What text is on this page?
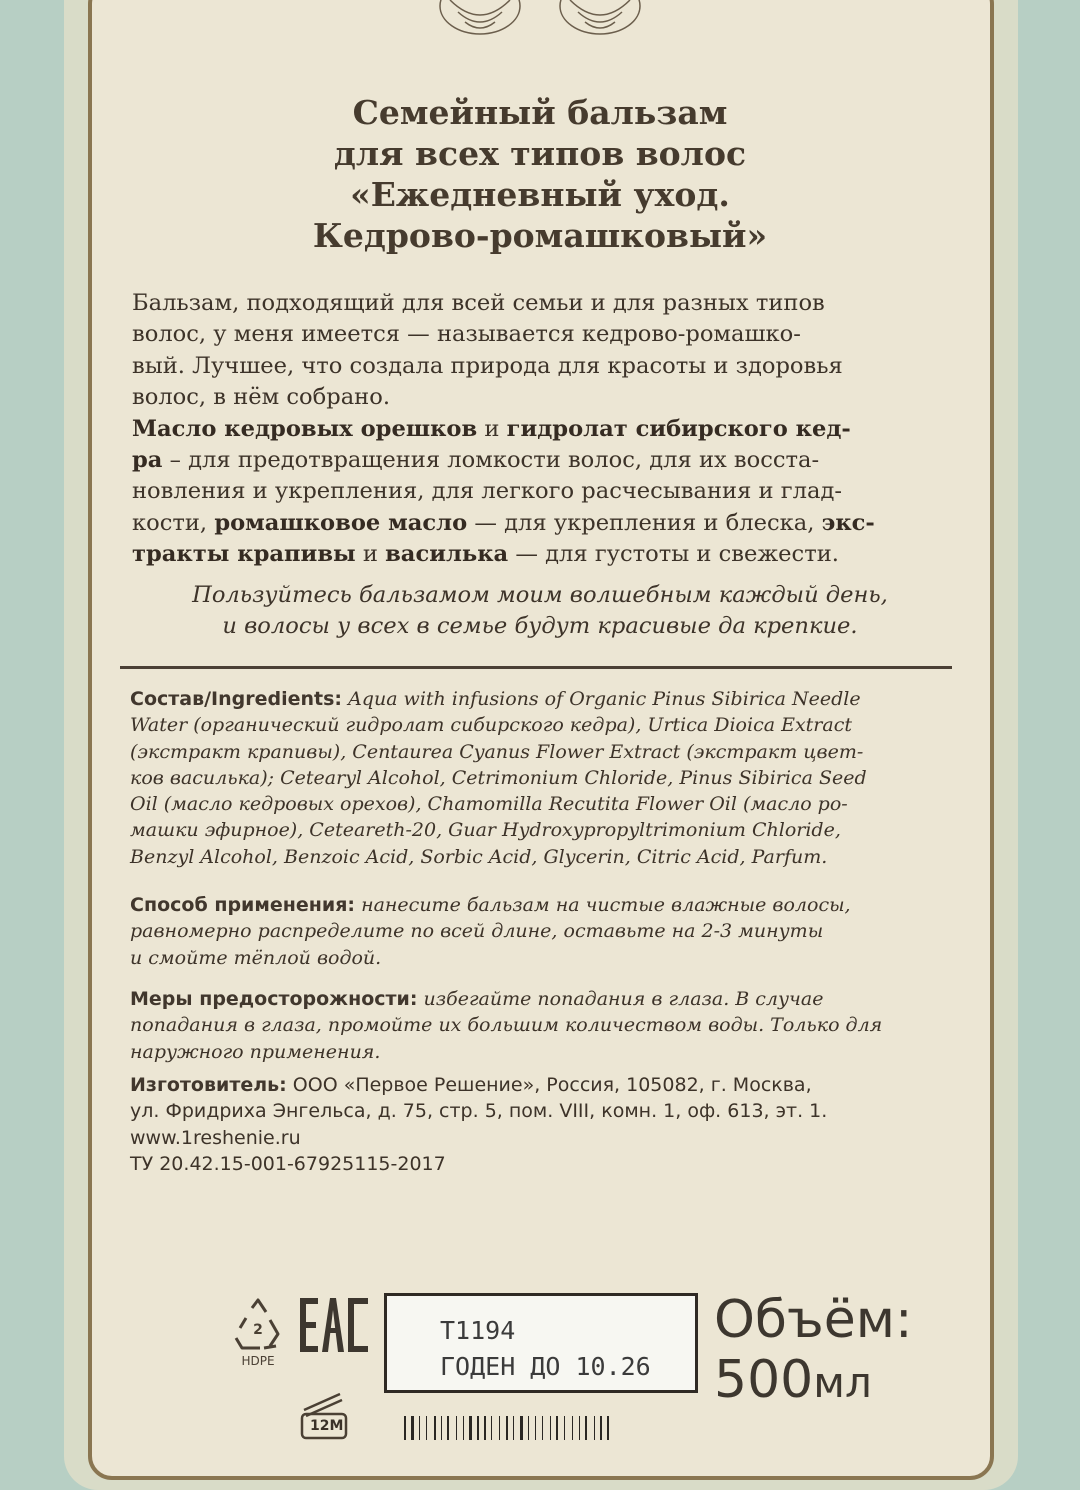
Семейный бальзам
для всех типов волос
«Ежедневный уход.
Кедрово-ромашковый»

Бальзам, подходящий для всей семьи и для разных типов

волос, у меня имеется — называется кедрово-ромашко-

вый. Лучшее, что создала природа для красоты и здоровья

волос, в нём собрано.

Масло кедровых орешков и гидролат сибирского кед-

ра – для предотвращения ломкости волос, для их восста-

новления и укрепления, для легкого расчесывания и глад-

кости, ромашковое масло — для укрепления и блеска, экс-

тракты крапивы и василька — для густоты и свежести.

Пользуйтесь бальзамом моим волшебным каждый день,
и волосы у всех в семье будут красивые да крепкие.
Состав/Ingredients: Aqua with infusions of Organic Pinus Sibirica Needle
Water (органический гидролат сибирского кедра), Urtica Dioica Extract
(экстракт крапивы), Centaurea Cyanus Flower Extract (экстракт цвет-
ков василька); Cetearyl Alcohol, Cetrimonium Chloride, Pinus Sibirica Seed
Oil (масло кедровых орехов), Chamomilla Recutita Flower Oil (масло ро-
машки эфирное), Ceteareth-20, Guar Hydroxypropyltrimonium Chloride,
Benzyl Alcohol, Benzoic Acid, Sorbic Acid, Glycerin, Citric Acid, Parfum.
Способ применения: нанесите бальзам на чистые влажные волосы,
равномерно распределите по всей длине, оставьте на 2-3 минуты
и смойте тёплой водой.
Меры предосторожности: избегайте попадания в глаза. В случае
попадания в глаза, промойте их большим количеством воды. Только для
наружного применения.
Изготовитель: ООО «Первое Решение», Россия, 105082, г. Москва,
ул. Фридриха Энгельса, д. 75, стр. 5, пом. VIII, комн. 1, оф. 613, эт. 1.
www.1reshenie.ru
ТУ 20.42.15-001-67925115-2017
2
HDPE
12M
T1194
ГОДЕН ДО 10.26
Объём:
500мл
